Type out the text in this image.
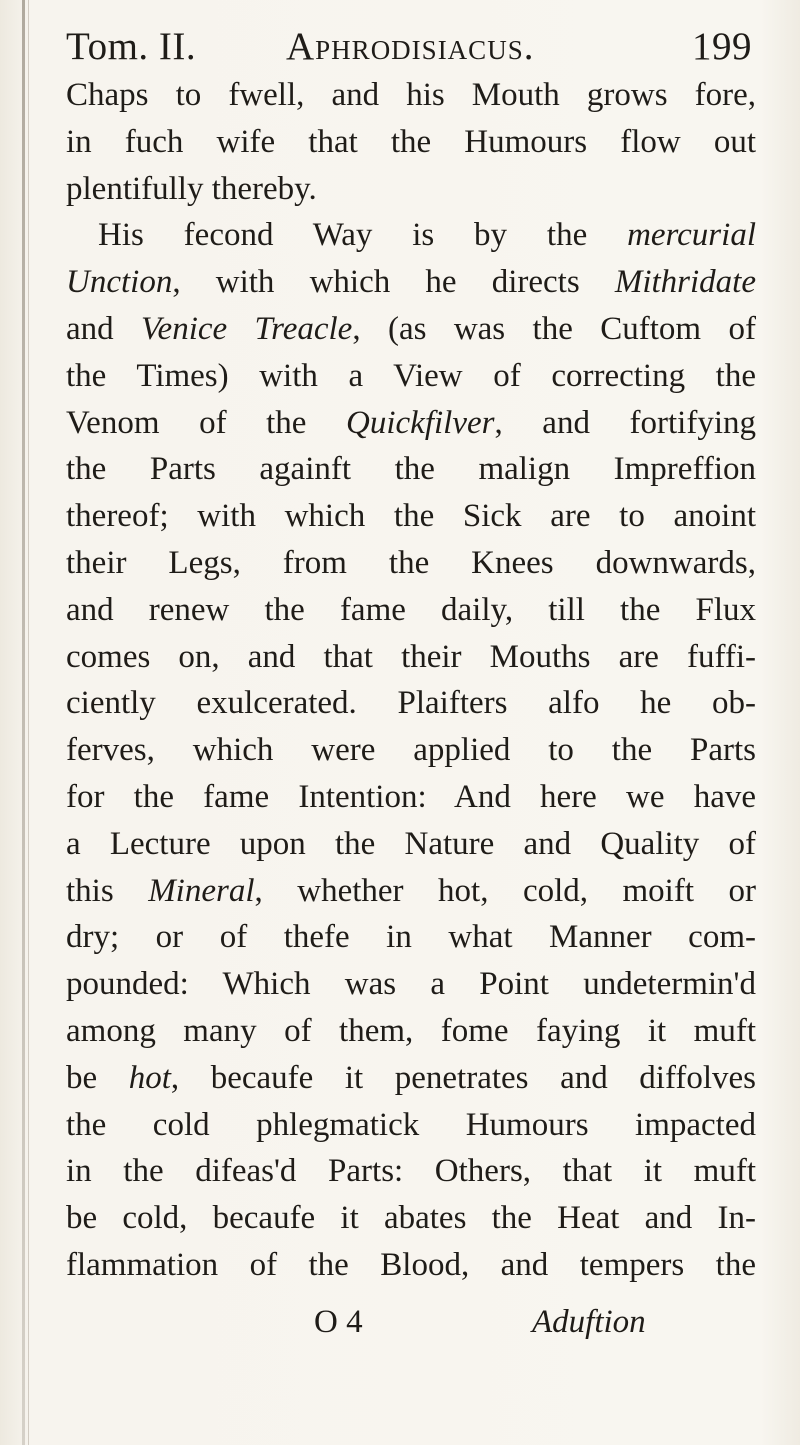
Tom. II. Aphrodisiacus.	199
Chaps to fwell, and his Mouth grows fore,
in fuch wife that the Humours flow out
plentifully thereby.
His fecond Way is by the mercurial
Unction, with which he directs Mithridate
and Venice Treacle, (as was the Cuftom of
the Times) with a View of correcting the
Venom of the Quickfilver, and fortifying
the Parts againft the malign Impreffion
thereof; with which the Sick are to anoint
their Legs, from the Knees downwards,
and renew the fame daily, till the Flux
comes on, and that their Mouths are fuffi-
ciently exulcerated. Plaifters alfo he ob-
ferves, which were applied to the Parts
for the fame Intention: And here we have
a Lecture upon the Nature and Quality of
this Mineral, whether hot, cold, moift or
dry; or of thefe in what Manner com-
pounded: Which was a Point undetermin'd
among many of them, fome faying it muft
be hot, becaufe it penetrates and diffolves
the cold phlegmatick Humours impacted
in the difeas'd Parts: Others, that it muft
be cold, becaufe it abates the Heat and In-
flammation of the Blood, and tempers the
O 4	Aduftion
